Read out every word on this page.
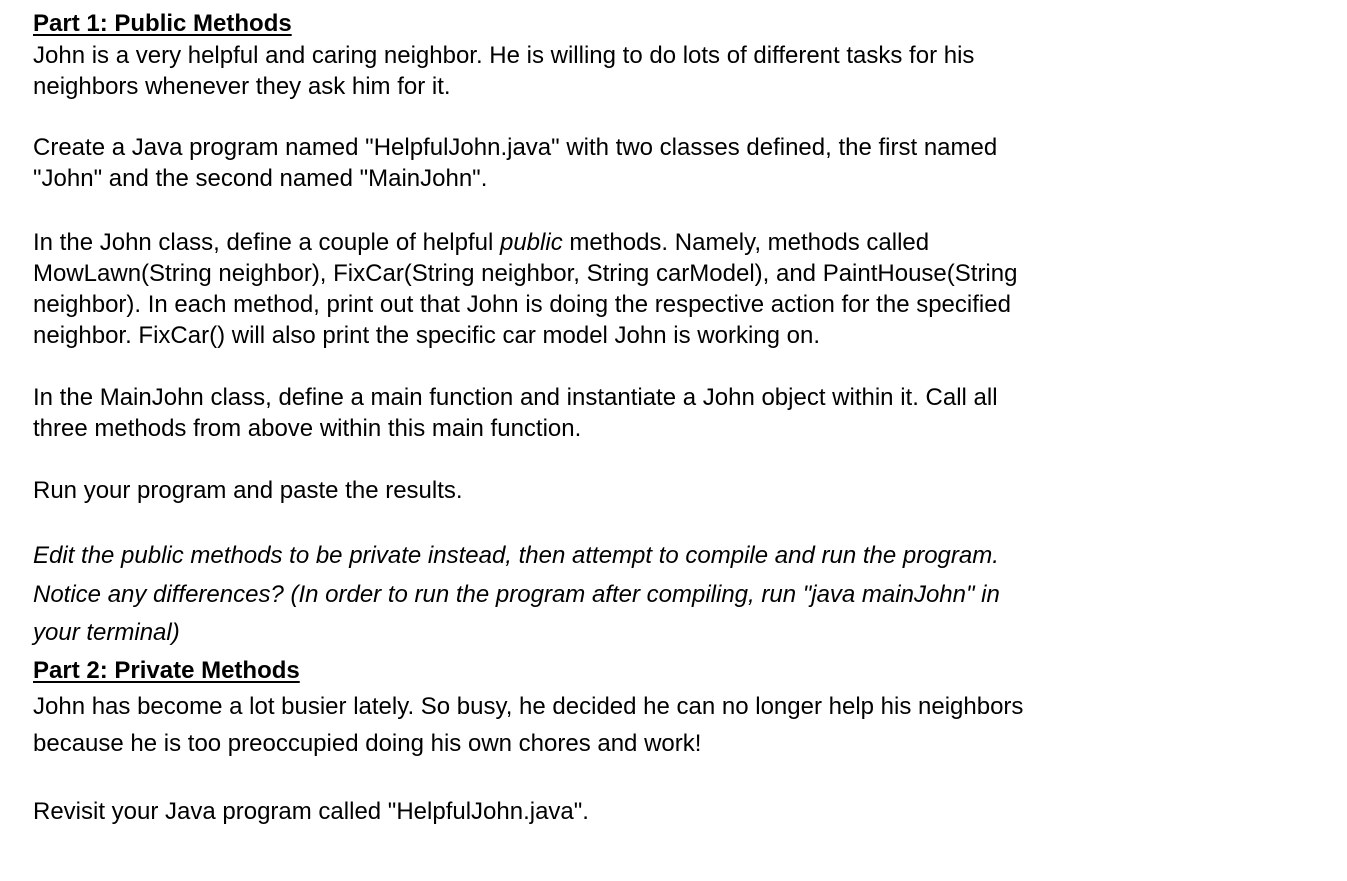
Part 1: Public Methods
John is a very helpful and caring neighbor. He is willing to do lots of different tasks for his
neighbors whenever they ask him for it.
Create a Java program named "HelpfulJohn.java" with two classes defined, the first named
"John" and the second named "MainJohn".
In the John class, define a couple of helpful public methods. Namely, methods called
MowLawn(String neighbor), FixCar(String neighbor, String carModel), and PaintHouse(String
neighbor). In each method, print out that John is doing the respective action for the specified
neighbor. FixCar() will also print the specific car model John is working on.
In the MainJohn class, define a main function and instantiate a John object within it. Call all
three methods from above within this main function.
Run your program and paste the results.
Edit the public methods to be private instead, then attempt to compile and run the program.
Notice any differences? (In order to run the program after compiling, run "java mainJohn" in
your terminal)
Part 2: Private Methods
John has become a lot busier lately. So busy, he decided he can no longer help his neighbors
because he is too preoccupied doing his own chores and work!
Revisit your Java program called "HelpfulJohn.java".
